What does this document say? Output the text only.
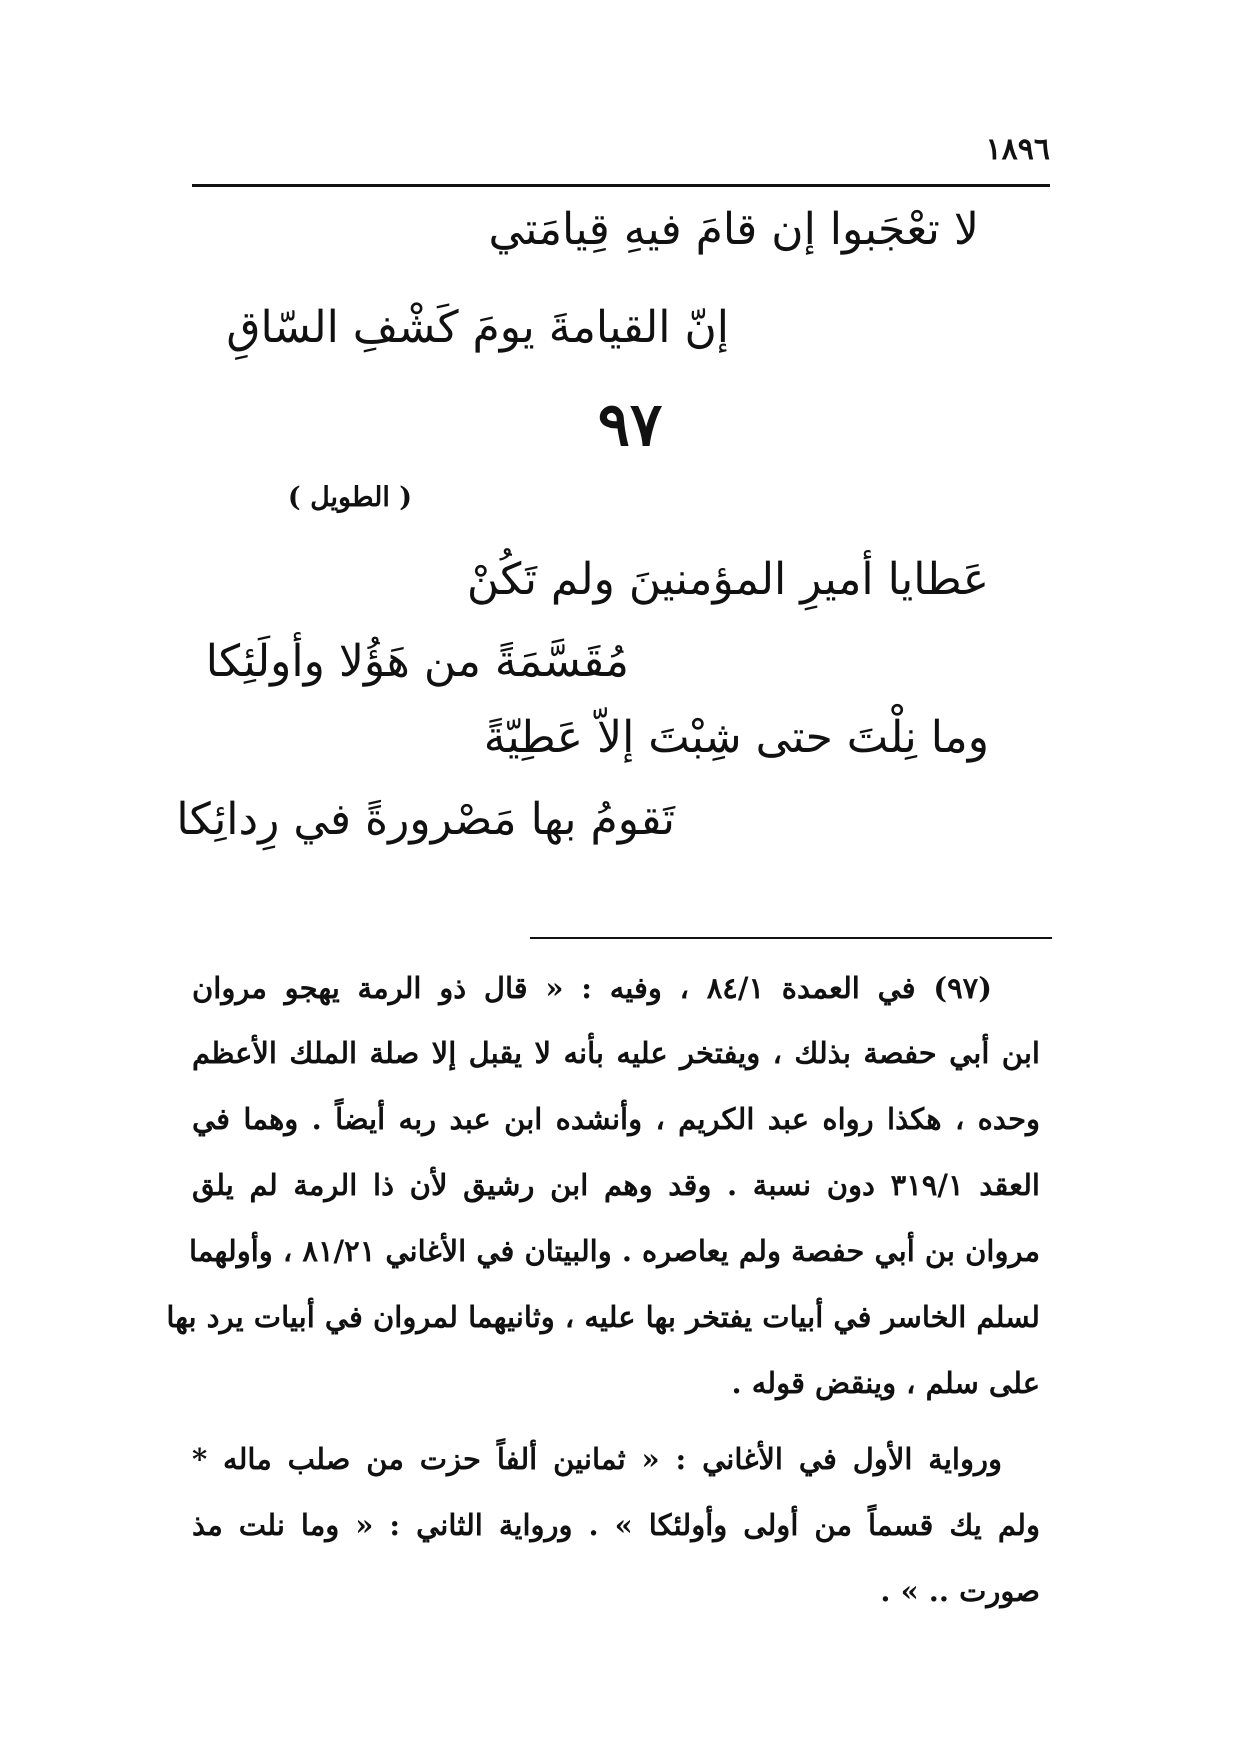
١٨٩٦
لا تعْجَبوا إن قامَ فيهِ قِيامَتي
إنّ القيامةَ يومَ كَشْفِ السّاقِ
٩٧
( الطويل )
عَطايا أميرِ المؤمنينَ ولم تَكُنْ
مُقَسَّمَةً من هَؤُلا وأولَئِكا
وما نِلْتَ حتى شِبْتَ إلاّ عَطِيّةً
تَقومُ بها مَصْرورةً في رِدائِكا
(٩٧) في العمدة ٨٤/١ ، وفيه : « قال ذو الرمة يهجو مروان
ابن أبي حفصة بذلك ، ويفتخر عليه بأنه لا يقبل إلا صلة الملك الأعظم
وحده ، هكذا رواه عبد الكريم ، وأنشده ابن عبد ربه أيضاً . وهما في
العقد ٣١٩/١ دون نسبة . وقد وهم ابن رشيق لأن ذا الرمة لم يلق
مروان بن أبي حفصة ولم يعاصره . والبيتان في الأغاني ٨١/٢١ ، وأولهما
لسلم الخاسر في أبيات يفتخر بها عليه ، وثانيهما لمروان في أبيات يرد بها
على سلم ، وينقض قوله .
ورواية الأول في الأغاني : « ثمانين ألفاً حزت من صلب ماله *
ولم يك قسماً من أولى وأولئكا » . ورواية الثاني : « وما نلت مذ
صورت .. » .
